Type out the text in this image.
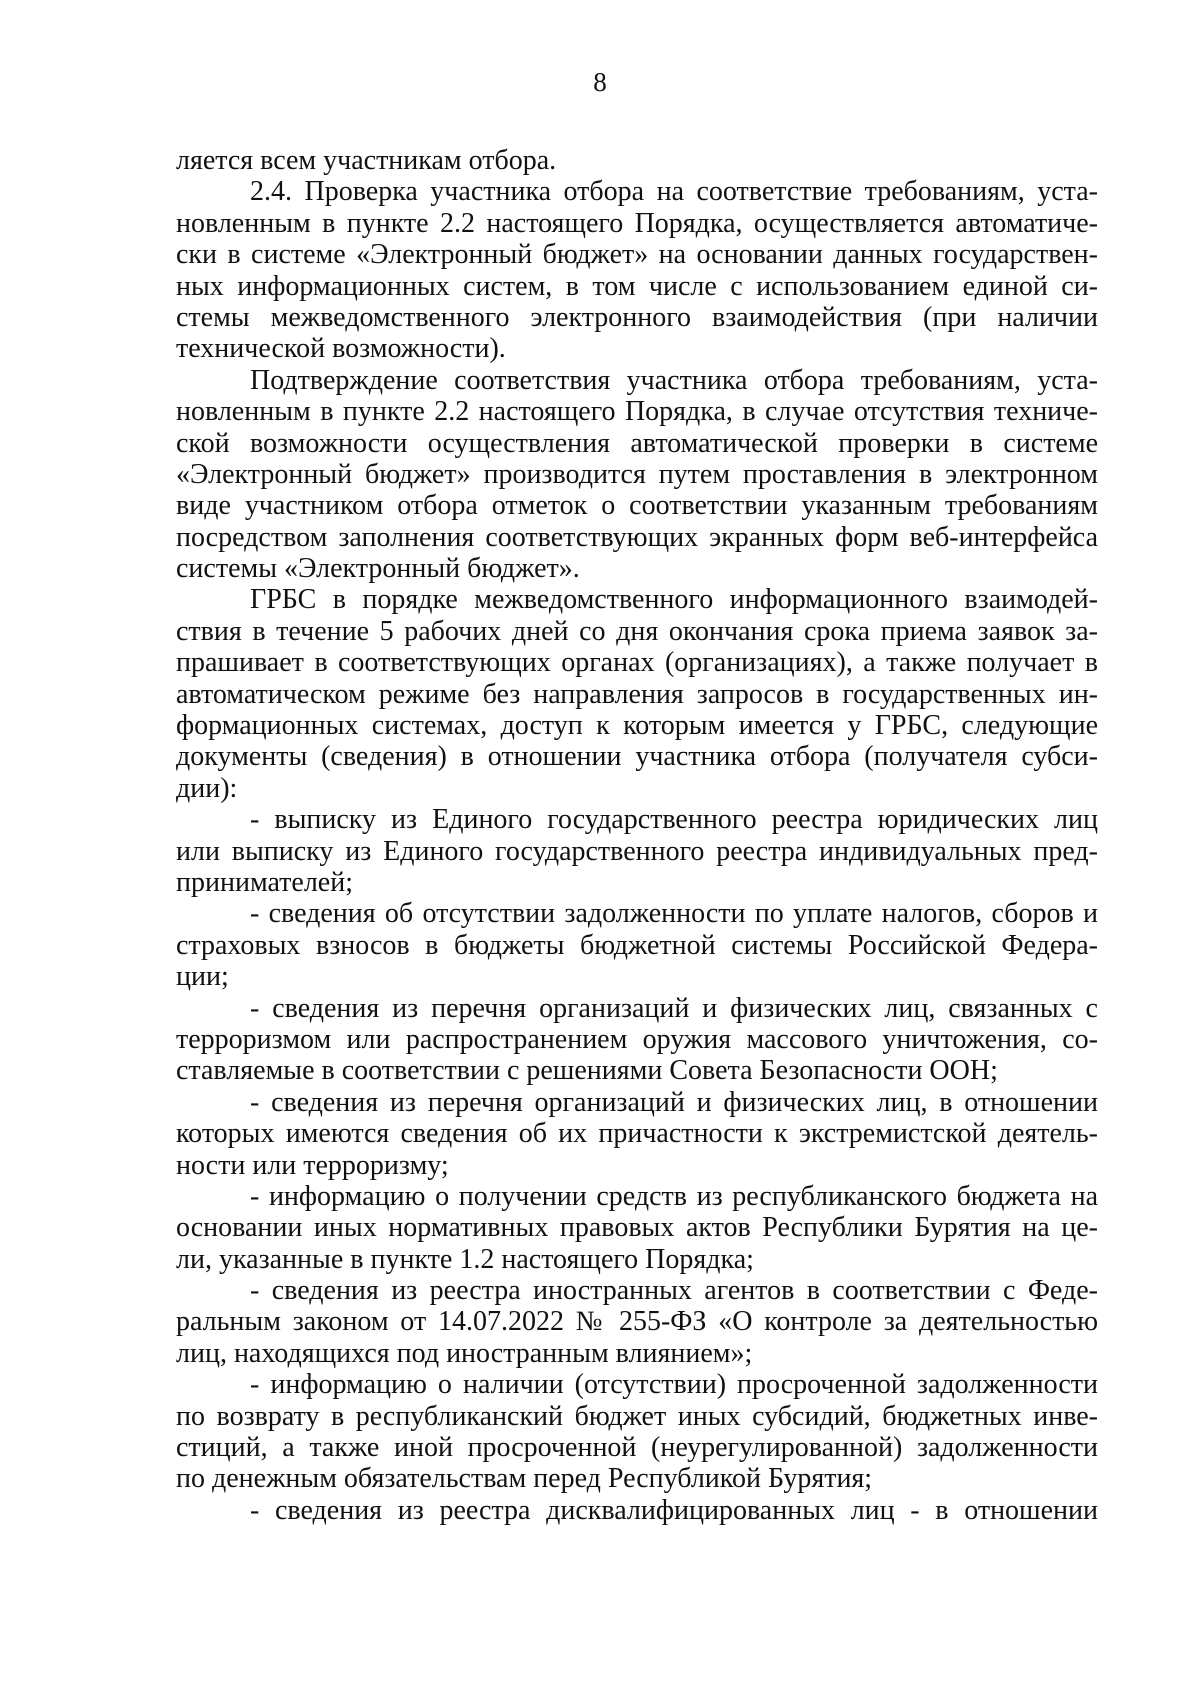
8
ляется всем участникам отбора.
2.4. Проверка участника отбора на соответствие требованиям, уста-
новленным в пункте 2.2 настоящего Порядка, осуществляется автоматиче-
ски в системе «Электронный бюджет» на основании данных государствен-
ных информационных систем, в том числе с использованием единой си-
стемы межведомственного электронного взаимодействия (при наличии
технической возможности).
Подтверждение соответствия участника отбора требованиям, уста-
новленным в пункте 2.2 настоящего Порядка, в случае отсутствия техниче-
ской возможности осуществления автоматической проверки в системе
«Электронный бюджет» производится путем проставления в электронном
виде участником отбора отметок о соответствии указанным требованиям
посредством заполнения соответствующих экранных форм веб-интерфейса
системы «Электронный бюджет».
ГРБС в порядке межведомственного информационного взаимодей-
ствия в течение 5 рабочих дней со дня окончания срока приема заявок за-
прашивает в соответствующих органах (организациях), а также получает в
автоматическом режиме без направления запросов в государственных ин-
формационных системах, доступ к которым имеется у ГРБС, следующие
документы (сведения) в отношении участника отбора (получателя субси-
дии):
- выписку из Единого государственного реестра юридических лиц
или выписку из Единого государственного реестра индивидуальных пред-
принимателей;
- сведения об отсутствии задолженности по уплате налогов, сборов и
страховых взносов в бюджеты бюджетной системы Российской Федера-
ции;
- сведения из перечня организаций и физических лиц, связанных с
терроризмом или распространением оружия массового уничтожения, со-
ставляемые в соответствии с решениями Совета Безопасности ООН;
- сведения из перечня организаций и физических лиц, в отношении
которых имеются сведения об их причастности к экстремистской деятель-
ности или терроризму;
- информацию о получении средств из республиканского бюджета на
основании иных нормативных правовых актов Республики Бурятия на це-
ли, указанные в пункте 1.2 настоящего Порядка;
- сведения из реестра иностранных агентов в соответствии с Феде-
ральным законом от 14.07.2022 № 255-ФЗ «О контроле за деятельностью
лиц, находящихся под иностранным влиянием»;
- информацию о наличии (отсутствии) просроченной задолженности
по возврату в республиканский бюджет иных субсидий, бюджетных инве-
стиций, а также иной просроченной (неурегулированной) задолженности
по денежным обязательствам перед Республикой Бурятия;
- сведения из реестра дисквалифицированных лиц - в отношении
